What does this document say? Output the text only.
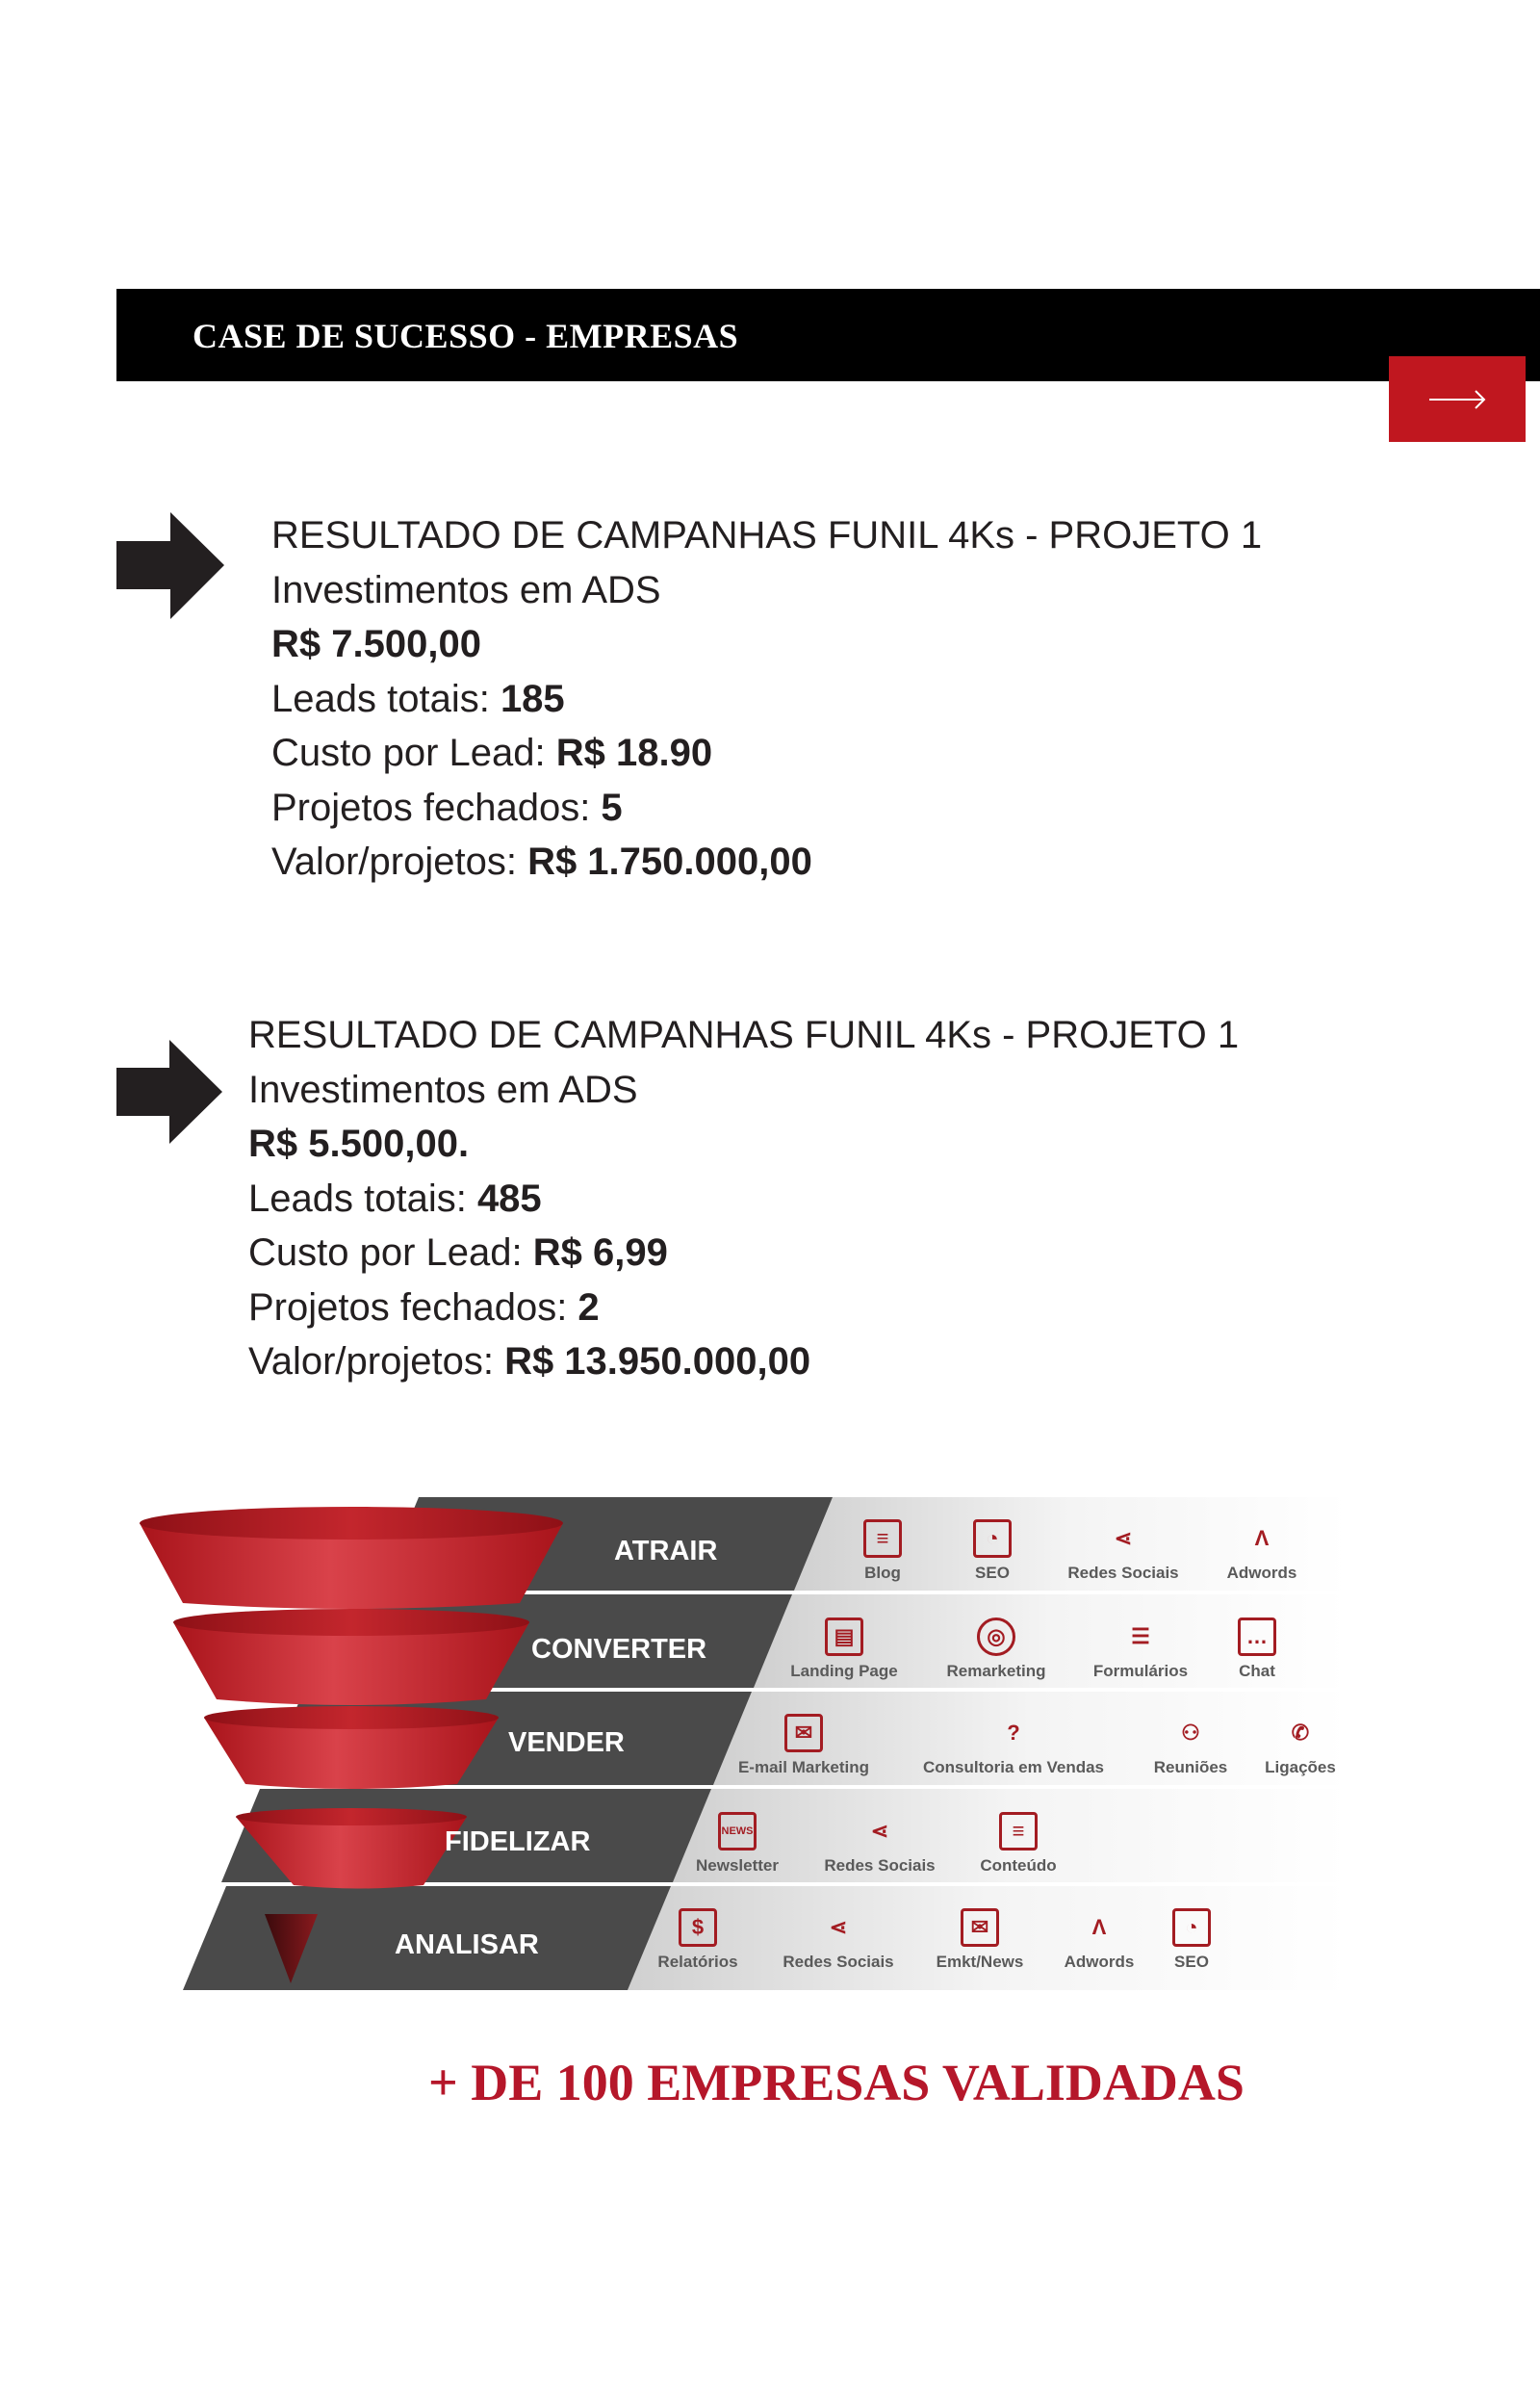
CASE DE SUCESSO - EMPRESAS
RESULTADO DE CAMPANHAS FUNIL 4Ks - PROJETO 1
Investimentos em ADS
R$ 7.500,00
Leads totais: 185
Custo por Lead: R$ 18.90
Projetos fechados: 5
Valor/projetos: R$ 1.750.000,00
RESULTADO DE CAMPANHAS FUNIL 4Ks - PROJETO 1
Investimentos em ADS
R$ 5.500,00.
Leads totais: 485
Custo por Lead: R$ 6,99
Projetos fechados: 2
Valor/projetos: R$ 13.950.000,00
ATRAIR
CONVERTER
VENDER
FIDELIZAR
ANALISAR
≡
Blog
◔
SEO
⋖
Redes Sociais
Λ
Adwords
▤
Landing Page
◎
Remarketing
☰
Formulários
…
Chat
✉
E-mail Marketing
?
Consultoria em Vendas
⚇
Reuniões
✆
Ligações
NEWS
Newsletter
⋖
Redes Sociais
≡
Conteúdo
$
Relatórios
⋖
Redes Sociais
✉
Emkt/News
Λ
Adwords
◔
SEO
+ DE 100 EMPRESAS VALIDADAS
